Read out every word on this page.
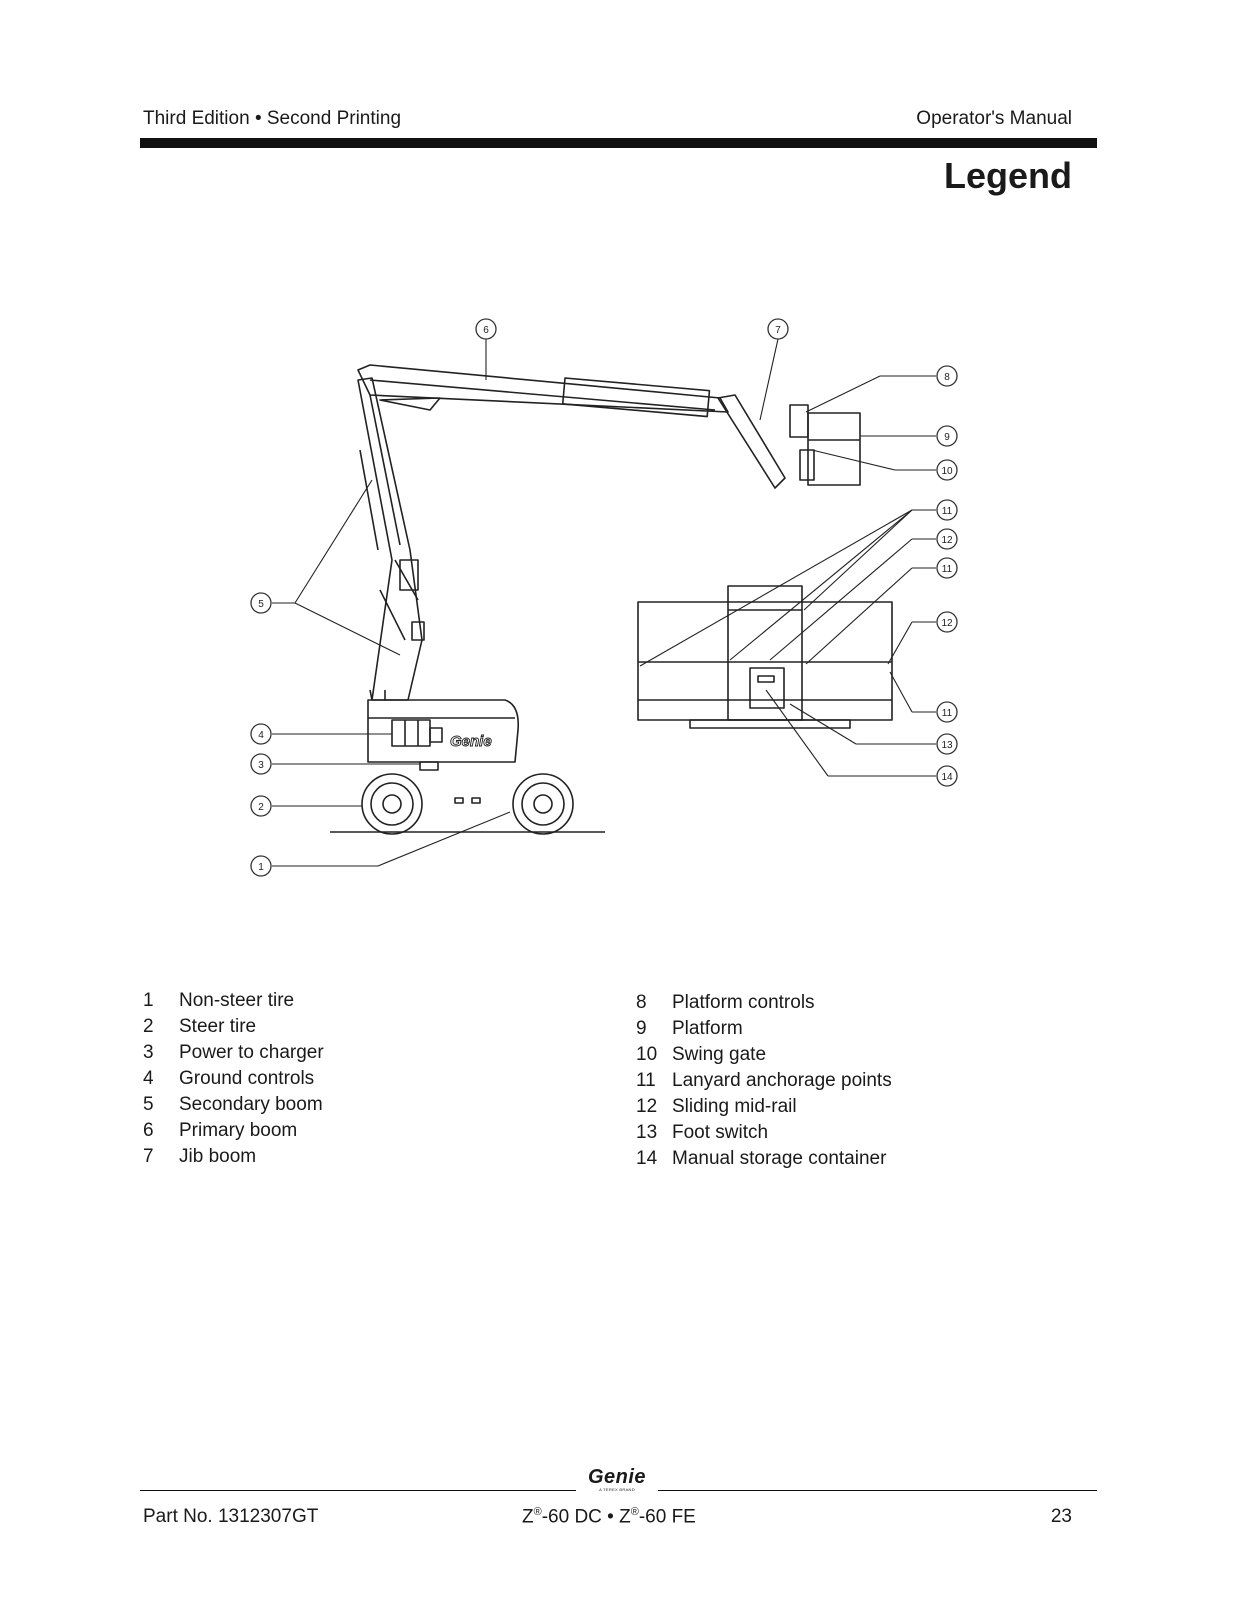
Third Edition • Second Printing	Operator's Manual
Legend
Genie
1
2
3
4
5
6	7
8
9
10
11
12
11
12
11
13
14
1 Non-steer tire
2 Steer tire
3 Power to charger
4 Ground controls
5 Secondary boom
6 Primary boom
7 Jib boom
8 Platform controls
9 Platform
10 Swing gate
11 Lanyard anchorage points
12 Sliding mid-rail
13 Foot switch
14 Manual storage container
Genie
A TEREX BRAND
Part No. 1312307GT	Z®-60 DC • Z®-60 FE	23
